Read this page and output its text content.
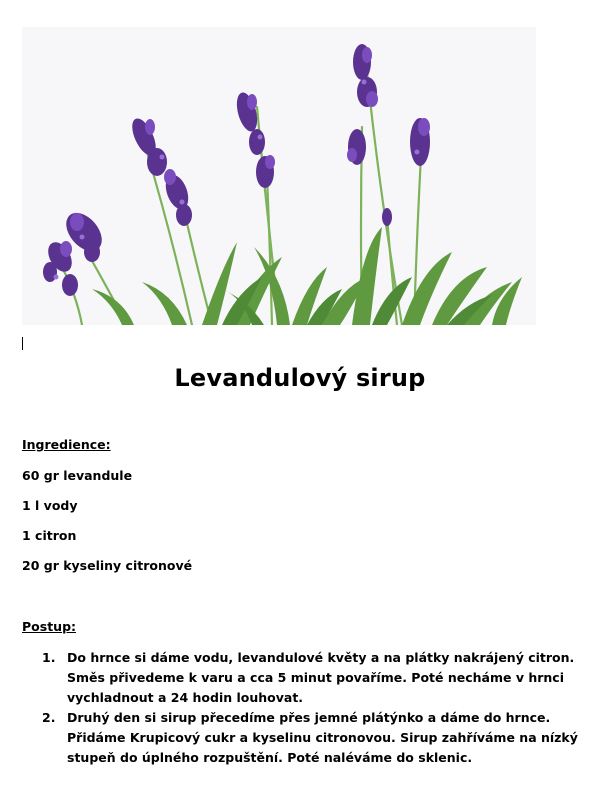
Levandulový sirup
Ingredience:
60 gr levandule
1 l vody
1 citron
20 gr kyseliny citronové
Postup:
1. Do hrnce si dáme vodu, levandulové květy a na plátky nakrájený citron. Směs přivedeme k varu a cca 5 minut povaříme. Poté necháme v hrnci vychladnout a 24 hodin louhovat.
2. Druhý den si sirup přecedíme přes jemné plátýnko a dáme do hrnce. Přidáme Krupicový cukr a kyselinu citronovou. Sirup zahříváme na nízký stupeň do úplného rozpuštění. Poté naléváme do sklenic.
